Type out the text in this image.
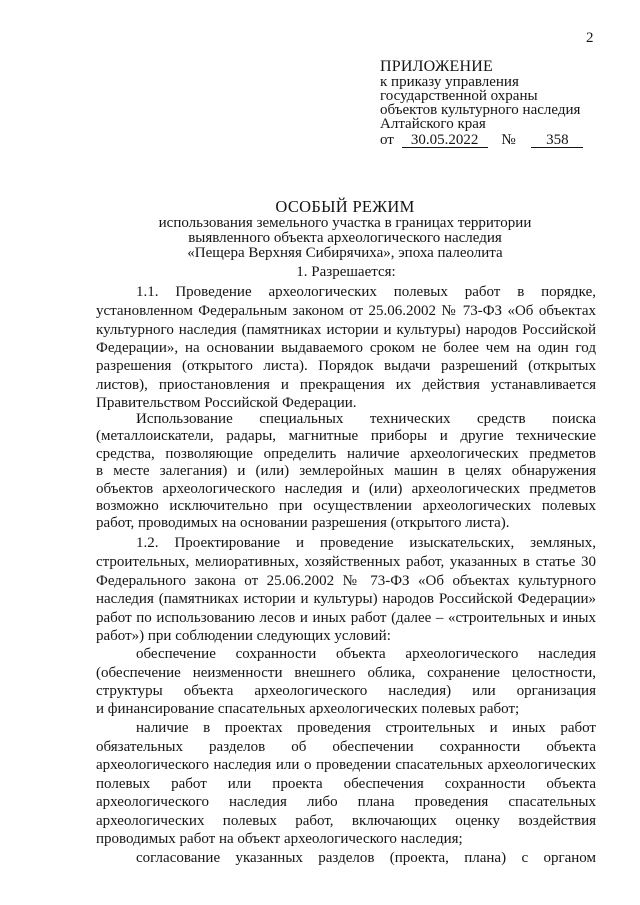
2
ПРИЛОЖЕНИЕ
к приказу управления
государственной охраны
объектов культурного наследия
Алтайского края
от 30.05.2022 № 358
ОСОБЫЙ РЕЖИМ
использования земельного участка в границах территории
выявленного объекта археологического наследия
«Пещера Верхняя Сибирячиха», эпоха палеолита
1. Разрешается:
1.1. Проведение археологических полевых работ в порядке,
установленном Федеральным законом от 25.06.2002 № 73-ФЗ «Об объектах
культурного наследия (памятниках истории и культуры) народов Российской
Федерации», на основании выдаваемого сроком не более чем на один год
разрешения (открытого листа). Порядок выдачи разрешений (открытых
листов), приостановления и прекращения их действия устанавливается
Правительством Российской Федерации.
Использование специальных технических средств поиска
(металлоискатели, радары, магнитные приборы и другие технические
средства, позволяющие определить наличие археологических предметов
в месте залегания) и (или) землеройных машин в целях обнаружения
объектов археологического наследия и (или) археологических предметов
возможно исключительно при осуществлении археологических полевых
работ, проводимых на основании разрешения (открытого листа).
1.2. Проектирование и проведение изыскательских, земляных,
строительных, мелиоративных, хозяйственных работ, указанных в статье 30
Федерального закона от 25.06.2002 № 73-ФЗ «Об объектах культурного
наследия (памятниках истории и культуры) народов Российской Федерации»
работ по использованию лесов и иных работ (далее – «строительных и иных
работ») при соблюдении следующих условий:
обеспечение сохранности объекта археологического наследия
(обеспечение неизменности внешнего облика, сохранение целостности,
структуры объекта археологического наследия) или организация
и финансирование спасательных археологических полевых работ;
наличие в проектах проведения строительных и иных работ
обязательных разделов об обеспечении сохранности объекта
археологического наследия или о проведении спасательных археологических
полевых работ или проекта обеспечения сохранности объекта
археологического наследия либо плана проведения спасательных
археологических полевых работ, включающих оценку воздействия
проводимых работ на объект археологического наследия;
согласование указанных разделов (проекта, плана) с органом
